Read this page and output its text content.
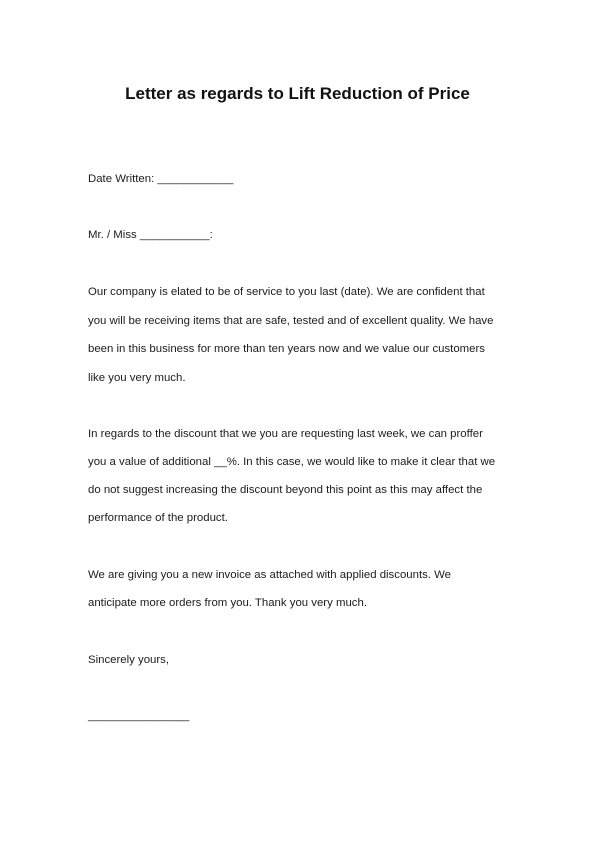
Letter as regards to Lift Reduction of Price
Date Written: ____________
Mr. / Miss ___________:
Our company is elated to be of service to you last (date). We are confident that
you will be receiving items that are safe, tested and of excellent quality. We have
been in this business for more than ten years now and we value our customers
like you very much.
In regards to the discount that we you are requesting last week, we can proffer
you a value of additional __%. In this case, we would like to make it clear that we
do not suggest increasing the discount beyond this point as this may affect the
performance of the product.
We are giving you a new invoice as attached with applied discounts. We
anticipate more orders from you. Thank you very much.
Sincerely yours,
________________
